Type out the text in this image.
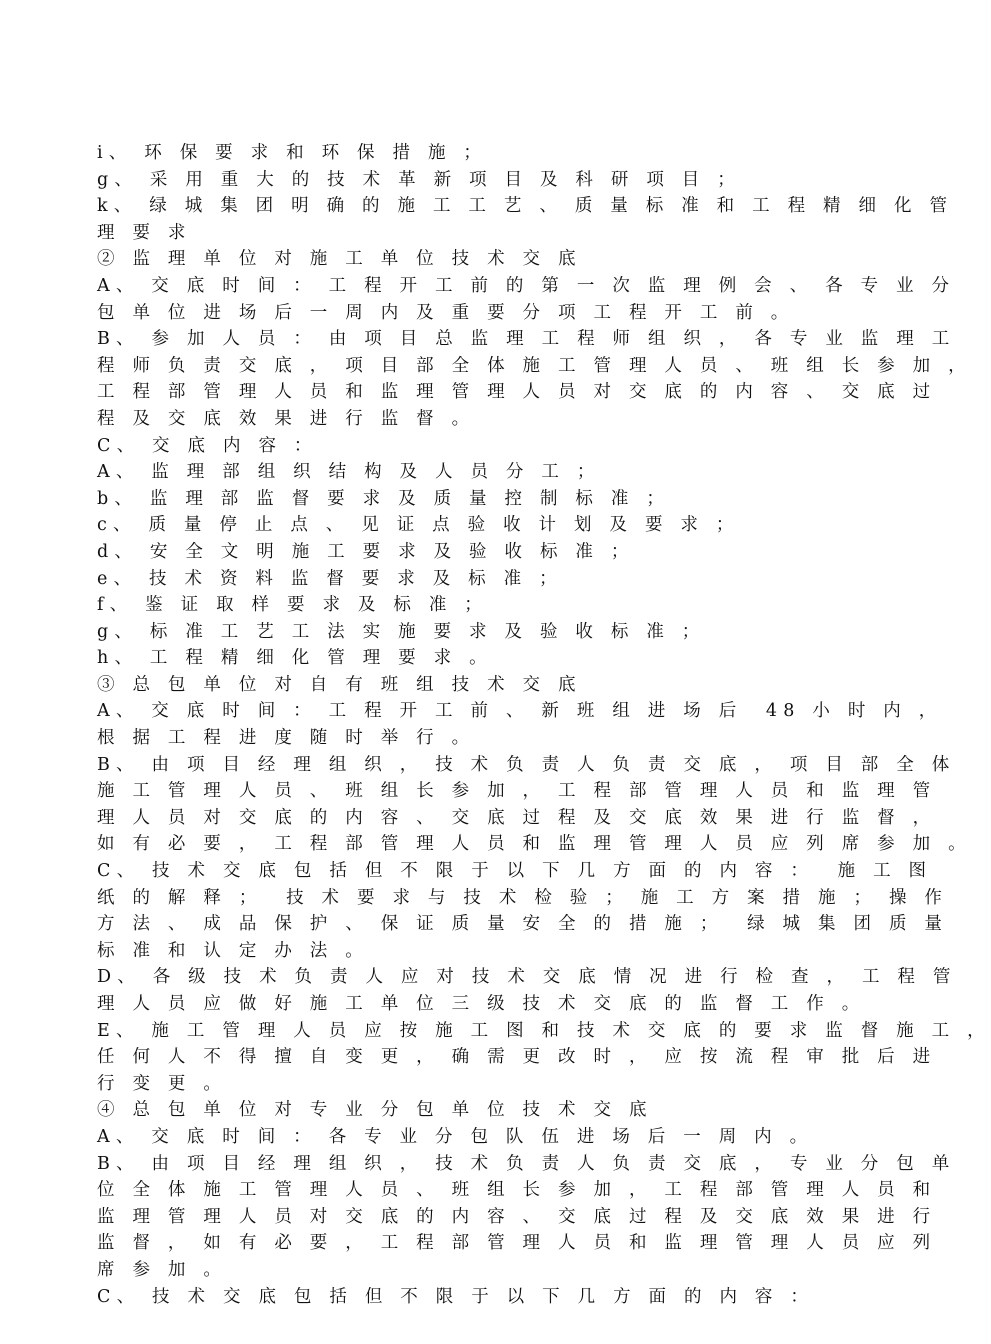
i、 环 保 要 求 和 环 保 措 施 ；
g、 采 用 重 大 的 技 术 革 新 项 目 及 科 研 项 目 ；
k、 绿 城 集 团 明 确 的 施 工 工 艺 、 质 量 标 准 和 工 程 精 细 化 管
理 要 求
② 监 理 单 位 对 施 工 单 位 技 术 交 底
A、 交 底 时 间 ： 工 程 开 工 前 的 第 一 次 监 理 例 会 、 各 专 业 分
包 单 位 进 场 后 一 周 内 及 重 要 分 项 工 程 开 工 前 。
B、 参 加 人 员 ： 由 项 目 总 监 理 工 程 师 组 织 ， 各 专 业 监 理 工
程 师 负 责 交 底 ， 项 目 部 全 体 施 工 管 理 人 员 、 班 组 长 参 加 ，
工 程 部 管 理 人 员 和 监 理 管 理 人 员 对 交 底 的 内 容 、 交 底 过
程 及 交 底 效 果 进 行 监 督 。
C、 交 底 内 容 ：
A、 监 理 部 组 织 结 构 及 人 员 分 工 ；
b、 监 理 部 监 督 要 求 及 质 量 控 制 标 准 ；
c、 质 量 停 止 点 、 见 证 点 验 收 计 划 及 要 求 ；
d、 安 全 文 明 施 工 要 求 及 验 收 标 准 ；
e、 技 术 资 料 监 督 要 求 及 标 准 ；
f、 鉴 证 取 样 要 求 及 标 准 ；
g、 标 准 工 艺 工 法 实 施 要 求 及 验 收 标 准 ；
h、 工 程 精 细 化 管 理 要 求 。
③ 总 包 单 位 对 自 有 班 组 技 术 交 底
A、 交 底 时 间 ： 工 程 开 工 前 、 新 班 组 进 场 后  48 小 时 内 ，
根 据 工 程 进 度 随 时 举 行 。
B、 由 项 目 经 理 组 织 ， 技 术 负 责 人 负 责 交 底 ， 项 目 部 全 体
施 工 管 理 人 员 、 班 组 长 参 加 ， 工 程 部 管 理 人 员 和 监 理 管
理 人 员 对 交 底 的 内 容 、 交 底 过 程 及 交 底 效 果 进 行 监 督 ，
如 有 必 要 ， 工 程 部 管 理 人 员 和 监 理 管 理 人 员 应 列 席 参 加 。
C、 技 术 交 底 包 括 但 不 限 于 以 下 几 方 面 的 内 容 ：  施 工 图
纸 的 解 释 ；  技 术 要 求 与 技 术 检 验 ； 施 工 方 案 措 施 ； 操 作
方 法 、 成 品 保 护 、 保 证 质 量 安 全 的 措 施 ；  绿 城 集 团 质 量
标 准 和 认 定 办 法 。
D、 各 级 技 术 负 责 人 应 对 技 术 交 底 情 况 进 行 检 查 ， 工 程 管
理 人 员 应 做 好 施 工 单 位 三 级 技 术 交 底 的 监 督 工 作 。
E、 施 工 管 理 人 员 应 按 施 工 图 和 技 术 交 底 的 要 求 监 督 施 工 ，
任 何 人 不 得 擅 自 变 更 ， 确 需 更 改 时 ， 应 按 流 程 审 批 后 进
行 变 更 。
④ 总 包 单 位 对 专 业 分 包 单 位 技 术 交 底
A、 交 底 时 间 ： 各 专 业 分 包 队 伍 进 场 后 一 周 内 。
B、 由 项 目 经 理 组 织 ， 技 术 负 责 人 负 责 交 底 ， 专 业 分 包 单
位 全 体 施 工 管 理 人 员 、 班 组 长 参 加 ， 工 程 部 管 理 人 员 和
监 理 管 理 人 员 对 交 底 的 内 容 、 交 底 过 程 及 交 底 效 果 进 行
监 督 ， 如 有 必 要 ， 工 程 部 管 理 人 员 和 监 理 管 理 人 员 应 列
席 参 加 。
C、 技 术 交 底 包 括 但 不 限 于 以 下 几 方 面 的 内 容 ：
